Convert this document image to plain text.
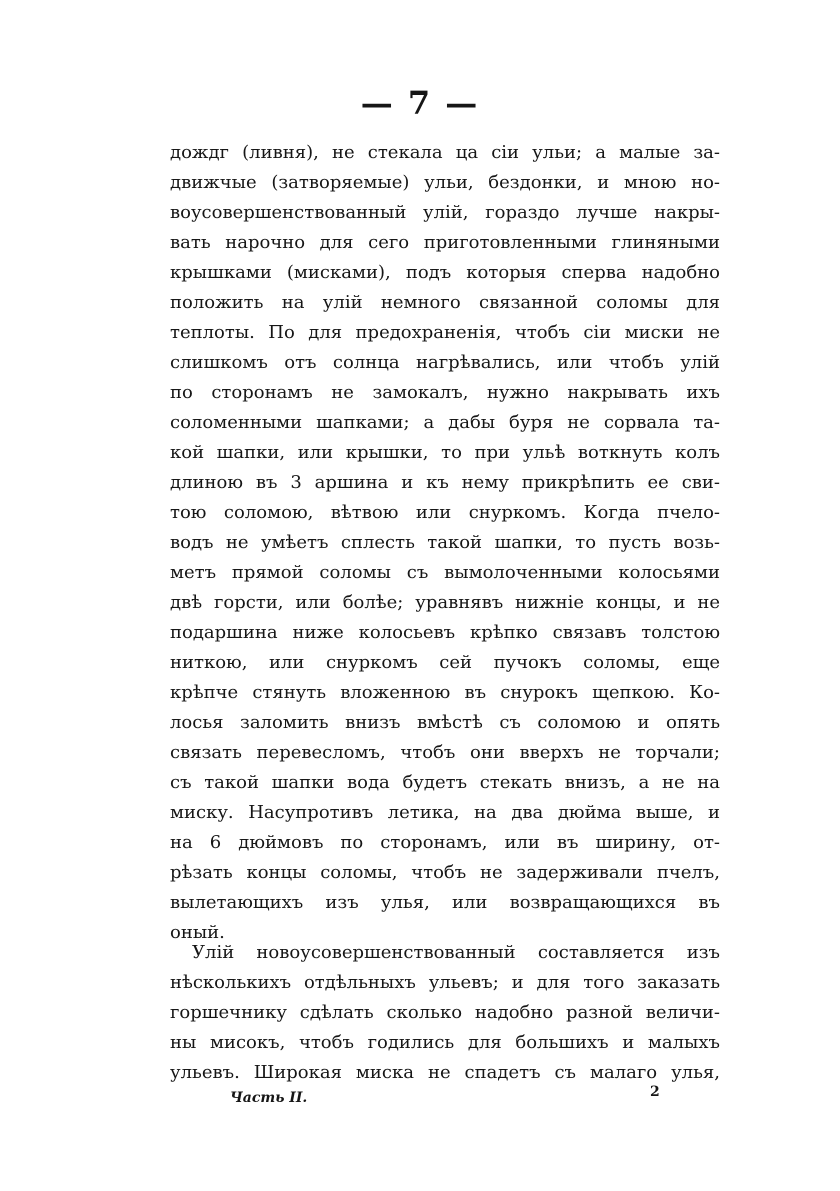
— 7 —
дождг (ливня), не стекала ца сiи ульи; а малые за-
движчые (затворяемые) ульи, бездонки, и мною но-
воусовершенствованный улій, гораздо лучше накры-
вать нарочно для сего приготовленными глиняными
крышками (мисками), подъ которыя сперва надобно
положить на улій немного связанной соломы для
теплоты. По для предохраненія, чтобъ сіи миски не
слишкомъ отъ солнца нагрѣвались, или чтобъ улій
по сторонамъ не замокалъ, нужно накрывать ихъ
соломенными шапками; а дабы буря не сорвала та-
кой шапки, или крышки, то при ульѣ воткнуть колъ
длиною въ 3 аршина и къ нему прикрѣпить ее сви-
тою соломою, вѣтвою или снуркомъ. Когда пчело-
водъ не умѣетъ сплесть такой шапки, то пусть возь-
метъ прямой соломы съ вымолоченными колосьями
двѣ горсти, или болѣе; уравнявъ нижніе концы, и не
подаршина ниже колосьевъ крѣпко связавъ толстою
ниткою, или снуркомъ сей пучокъ соломы, еще
крѣпче стянуть вложенною въ снурокъ щепкою. Ко-
лосья заломить внизъ вмѣстѣ съ соломою и опять
связать перевесломъ, чтобъ они вверхъ не торчали;
съ такой шапки вода будетъ стекать внизъ, а не на
миску. Насупротивъ летика, на два дюйма выше, и
на 6 дюймовъ по сторонамъ, или въ ширину, от-
рѣзать концы соломы, чтобъ не задерживали пчелъ,
вылетающихъ изъ улья, или возвращающихся въ
оный.
Улій новоусовершенствованный составляется изъ
нѣсколькихъ отдѣльныхъ ульевъ; и для того заказать
горшечнику сдѣлать сколько надобно разной величи-
ны мисокъ, чтобъ годились для большихъ и малыхъ
ульевъ. Широкая миска не спадетъ съ малаго улья,
Часть II.	2
